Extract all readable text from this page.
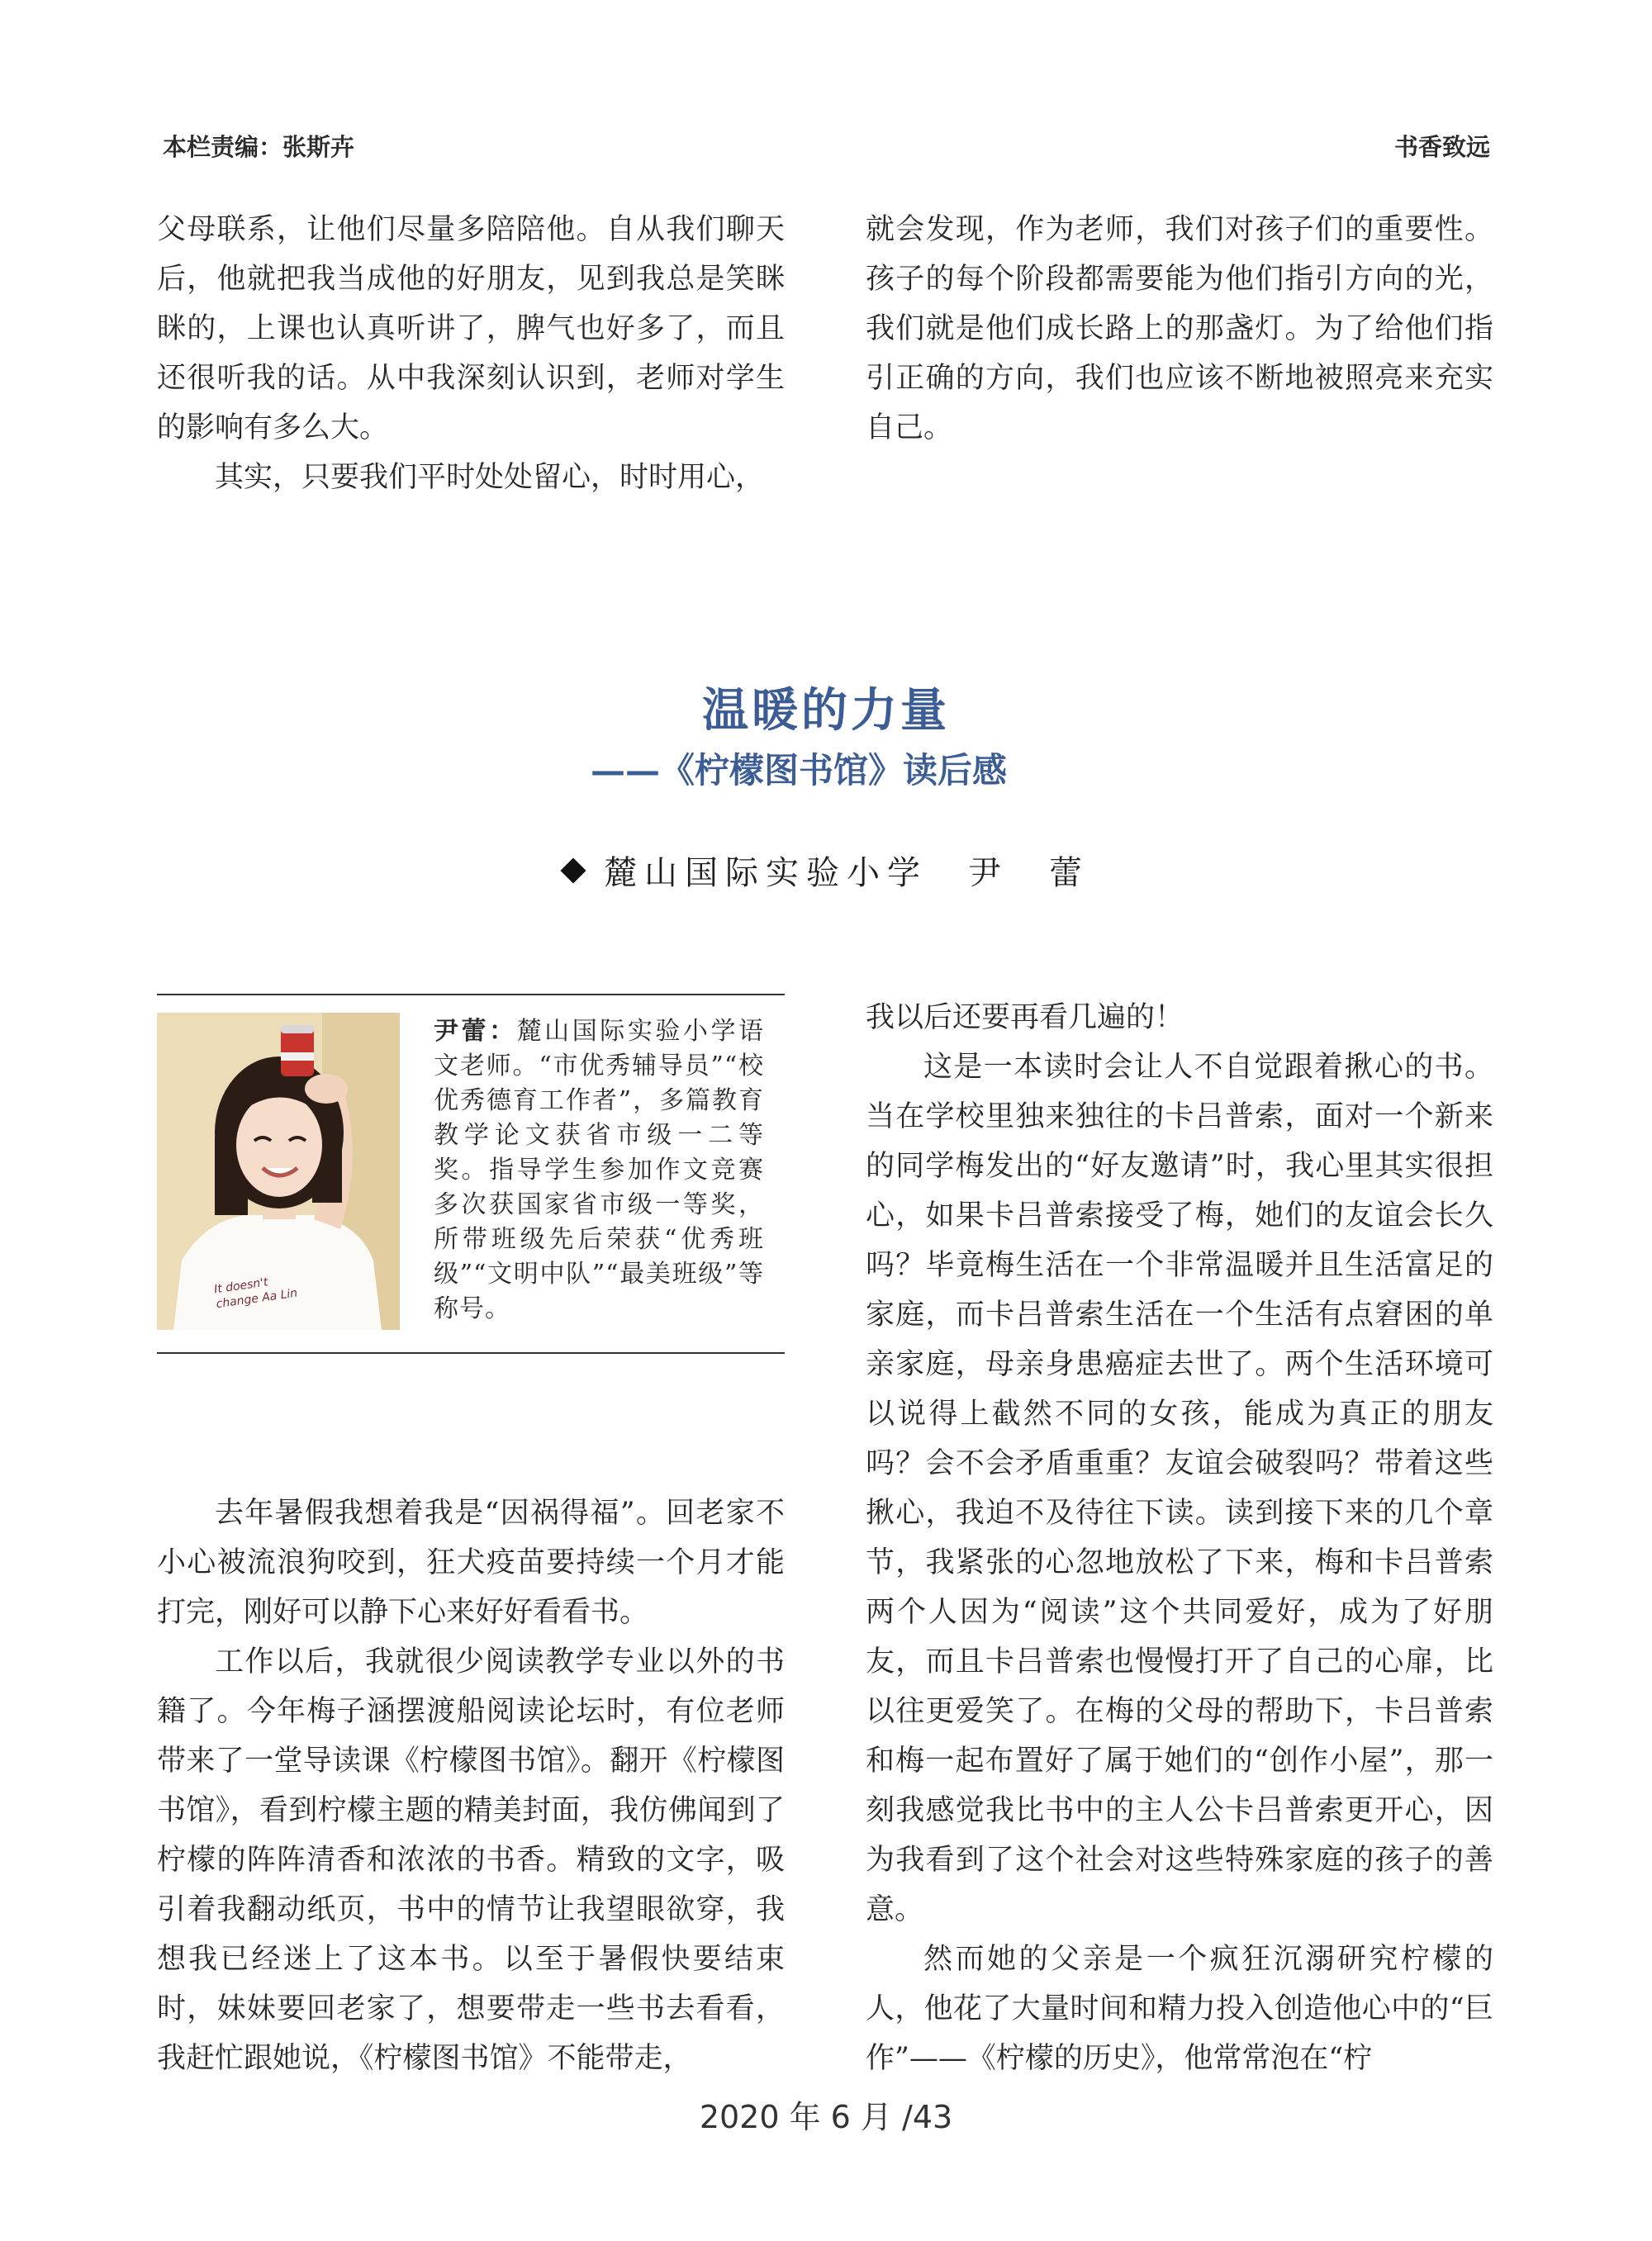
本栏责编：张斯卉	书香致远

父母联系，让他们尽量多陪陪他。自从我们聊天后，他就把我当成他的好朋友，见到我总是笑眯眯的，上课也认真听讲了，脾气也好多了，而且还很听我的话。从中我深刻认识到，老师对学生的影响有多么大。

其实，只要我们平时处处留心，时时用心，

就会发现，作为老师，我们对孩子们的重要性。孩子的每个阶段都需要能为他们指引方向的光，我们就是他们成长路上的那盏灯。为了给他们指引正确的方向，我们也应该不断地被照亮来充实自己。

温暖的力量
——《柠檬图书馆》读后感
麓山国际实验小学　尹　蕾
It doesn't change Aa Lin
尹蕾：麓山国际实验小学语文老师。“市优秀辅导员”“校优秀德育工作者”，多篇教育教学论文获省市级一二等奖。指导学生参加作文竞赛多次获国家省市级一等奖，所带班级先后荣获“优秀班级”“文明中队”“最美班级”等称号。

去年暑假我想着我是“因祸得福”。回老家不小心被流浪狗咬到，狂犬疫苗要持续一个月才能打完，刚好可以静下心来好好看看书。

工作以后，我就很少阅读教学专业以外的书籍了。今年梅子涵摆渡船阅读论坛时，有位老师带来了一堂导读课《柠檬图书馆》。翻开《柠檬图书馆》，看到柠檬主题的精美封面，我仿佛闻到了柠檬的阵阵清香和浓浓的书香。精致的文字，吸引着我翻动纸页，书中的情节让我望眼欲穿，我想我已经迷上了这本书。以至于暑假快要结束时，妹妹要回老家了，想要带走一些书去看看，我赶忙跟她说，《柠檬图书馆》不能带走，

我以后还要再看几遍的！

这是一本读时会让人不自觉跟着揪心的书。当在学校里独来独往的卡吕普索，面对一个新来的同学梅发出的“好友邀请”时，我心里其实很担心，如果卡吕普索接受了梅，她们的友谊会长久吗？毕竟梅生活在一个非常温暖并且生活富足的家庭，而卡吕普索生活在一个生活有点窘困的单亲家庭，母亲身患癌症去世了。两个生活环境可以说得上截然不同的女孩，能成为真正的朋友吗？会不会矛盾重重？友谊会破裂吗？带着这些揪心，我迫不及待往下读。读到接下来的几个章节，我紧张的心忽地放松了下来，梅和卡吕普索两个人因为“阅读”这个共同爱好，成为了好朋友，而且卡吕普索也慢慢打开了自己的心扉，比以往更爱笑了。在梅的父母的帮助下，卡吕普索和梅一起布置好了属于她们的“创作小屋”，那一刻我感觉我比书中的主人公卡吕普索更开心，因为我看到了这个社会对这些特殊家庭的孩子的善意。

然而她的父亲是一个疯狂沉溺研究柠檬的人，他花了大量时间和精力投入创造他心中的“巨作”——《柠檬的历史》，他常常泡在“柠

2020 年 6 月 /43
